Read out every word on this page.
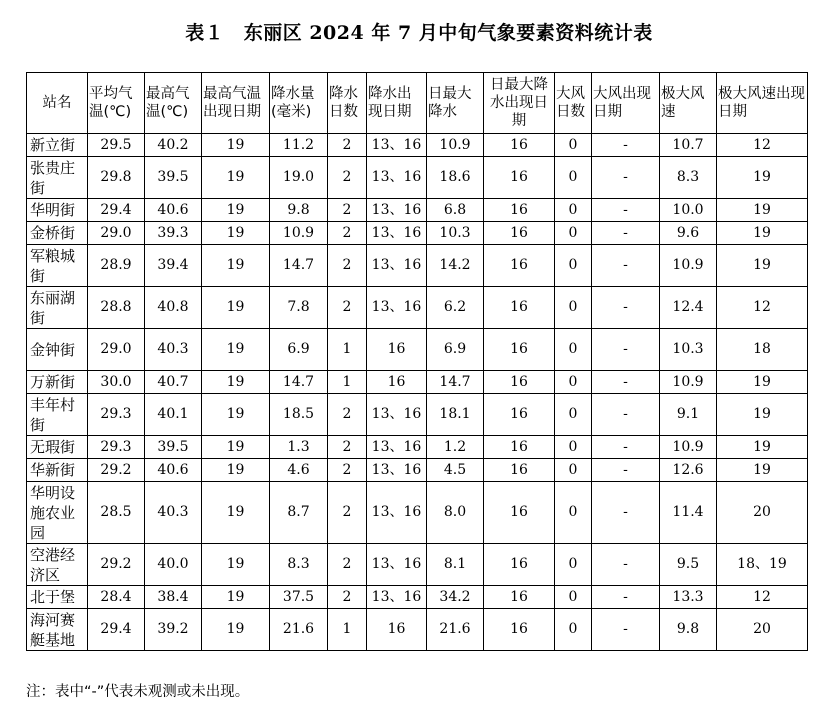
表１　东丽区 2024 年 7 月中旬气象要素资料统计表
站名	平均气温(℃)	最高气温(℃)	最高气温出现日期	降水量(毫米)	降水日数	降水出现日期	日最大降水	日最大降水出现日期	大风日数	大风出现日期	极大风速	极大风速出现日期
新立街	29.5	40.2	19	11.2	2	13、16	10.9	16	0	-	10.7	12
张贵庄街	29.8	39.5	19	19.0	2	13、16	18.6	16	0	-	8.3	19
华明街	29.4	40.6	19	9.8	2	13、16	6.8	16	0	-	10.0	19
金桥街	29.0	39.3	19	10.9	2	13、16	10.3	16	0	-	9.6	19
军粮城街	28.9	39.4	19	14.7	2	13、16	14.2	16	0	-	10.9	19
东丽湖街	28.8	40.8	19	7.8	2	13、16	6.2	16	0	-	12.4	12
金钟街	29.0	40.3	19	6.9	1	16	6.9	16	0	-	10.3	18
万新街	30.0	40.7	19	14.7	1	16	14.7	16	0	-	10.9	19
丰年村街	29.3	40.1	19	18.5	2	13、16	18.1	16	0	-	9.1	19
无瑕街	29.3	39.5	19	1.3	2	13、16	1.2	16	0	-	10.9	19
华新街	29.2	40.6	19	4.6	2	13、16	4.5	16	0	-	12.6	19
华明设施农业园	28.5	40.3	19	8.7	2	13、16	8.0	16	0	-	11.4	20
空港经济区	29.2	40.0	19	8.3	2	13、16	8.1	16	0	-	9.5	18、19
北于堡	28.4	38.4	19	37.5	2	13、16	34.2	16	0	-	13.3	12
海河赛艇基地	29.4	39.2	19	21.6	1	16	21.6	16	0	-	9.8	20
注：表中“-”代表未观测或未出现。
